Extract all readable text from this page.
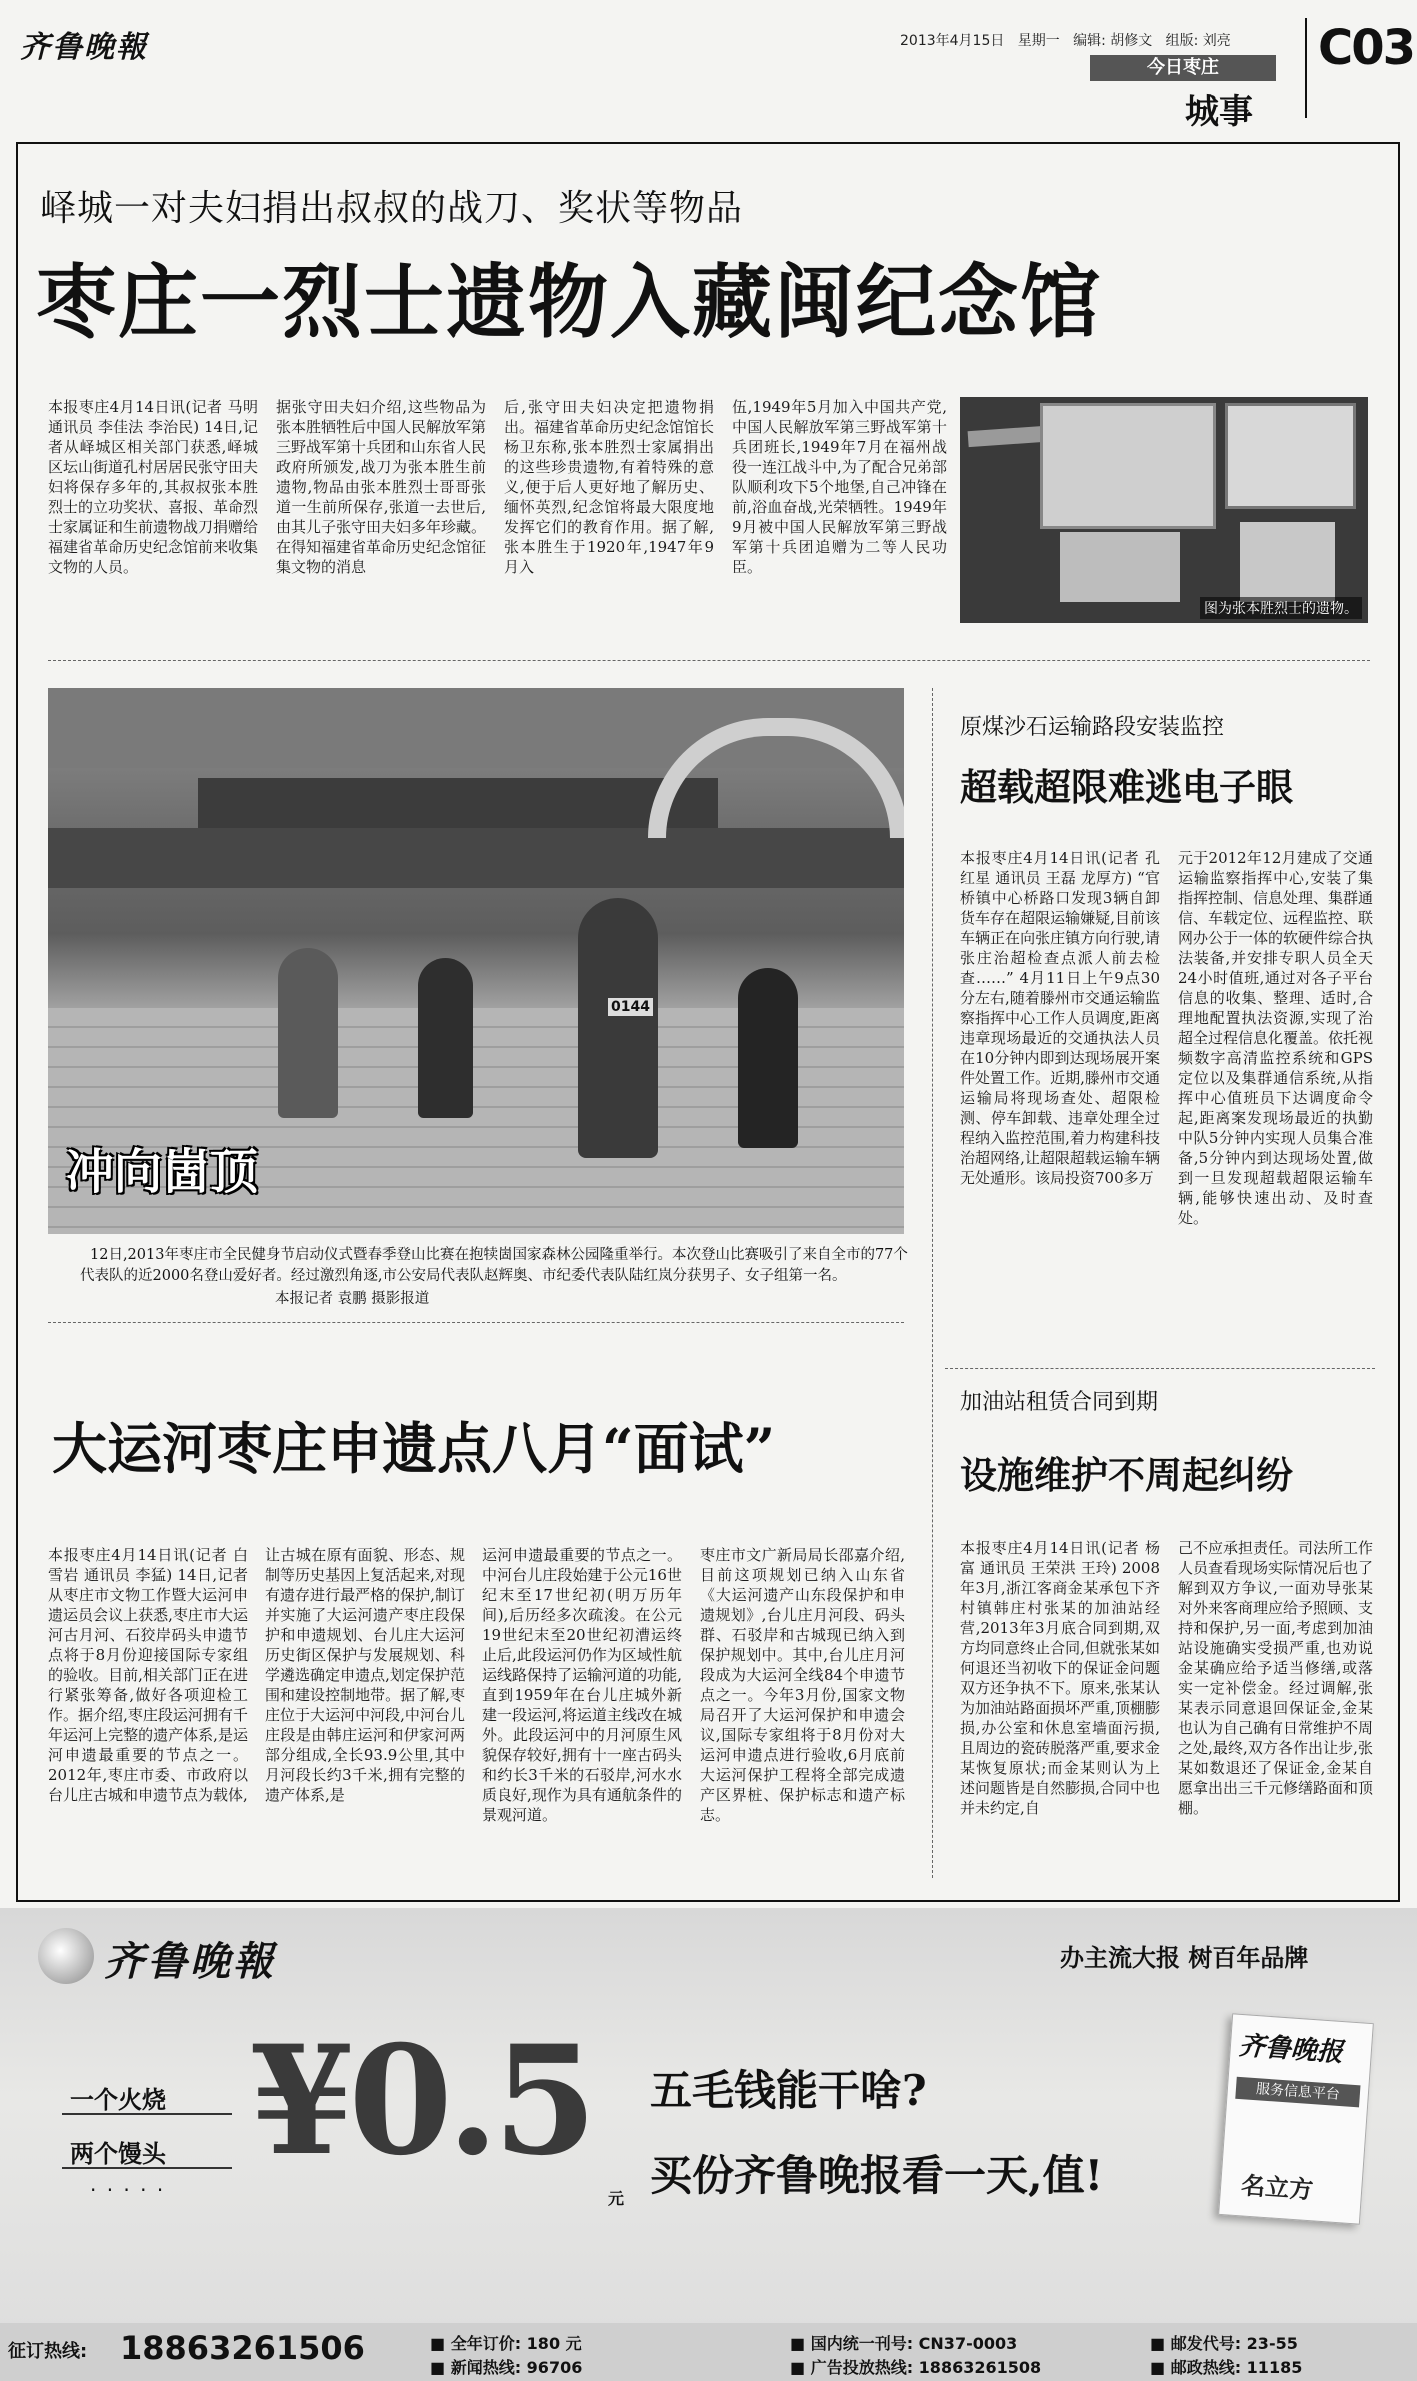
齐鲁晚報	2013年4月15日 星期一 编辑: 胡修文 组版: 刘亮 C03
今日枣庄
城事
峄城一对夫妇捐出叔叔的战刀、奖状等物品
枣庄一烈士遗物入藏闽纪念馆
本报枣庄4月14日讯(记者 马明 通讯员 李佳法 李治民) 14日,记者从峄城区相关部门获悉,峄城区坛山街道孔村居居民张守田夫妇将保存多年的,其叔叔张本胜烈士的立功奖状、喜报、革命烈士家属证和生前遗物战刀捐赠给福建省革命历史纪念馆前来收集文物的人员。
据张守田夫妇介绍,这些物品为张本胜牺牲后中国人民解放军第三野战军第十兵团和山东省人民政府所颁发,战刀为张本胜生前遗物,物品由张本胜烈士哥哥张道一生前所保存,张道一去世后,由其儿子张守田夫妇多年珍藏。在得知福建省革命历史纪念馆征集文物的消息
后,张守田夫妇决定把遗物捐出。福建省革命历史纪念馆馆长杨卫东称,张本胜烈士家属捐出的这些珍贵遗物,有着特殊的意义,便于后人更好地了解历史、缅怀英烈,纪念馆将最大限度地发挥它们的教育作用。据了解,张本胜生于1920年,1947年9月入
伍,1949年5月加入中国共产党,中国人民解放军第三野战军第十兵团班长,1949年7月在福州战役一连江战斗中,为了配合兄弟部队顺利攻下5个地堡,自己冲锋在前,浴血奋战,光荣牺牲。1949年9月被中国人民解放军第三野战军第十兵团追赠为二等人民功臣。
图为张本胜烈士的遗物。
0144
冲向崮顶
12日,2013年枣庄市全民健身节启动仪式暨春季登山比赛在抱犊崮国家森林公园隆重举行。本次登山比赛吸引了来自全市的77个代表队的近2000名登山爱好者。经过激烈角逐,市公安局代表队赵辉奥、市纪委代表队陆红岚分获男子、女子组第一名。
本报记者 袁鹏 摄影报道
大运河枣庄申遗点八月“面试”
本报枣庄4月14日讯(记者 白雪岩 通讯员 李猛) 14日,记者从枣庄市文物工作暨大运河申遗运员会议上获悉,枣庄市大运河古月河、石狡岸码头申遗节点将于8月份迎接国际专家组的验收。目前,相关部门正在进行紧张筹备,做好各项迎检工作。据介绍,枣庄段运河拥有千年运河上完整的遗产体系,是运河申遗最重要的节点之一。2012年,枣庄市委、市政府以台儿庄古城和申遗节点为载体,
让古城在原有面貌、形态、规制等历史基因上复活起来,对现有遗存进行最严格的保护,制订并实施了大运河遗产枣庄段保护和申遗规划、台儿庄大运河历史街区保护与发展规划、科学遴选确定申遗点,划定保护范围和建设控制地带。据了解,枣庄位于大运河中河段,中河台儿庄段是由韩庄运河和伊家河两部分组成,全长93.9公里,其中月河段长约3千米,拥有完整的遗产体系,是
运河申遗最重要的节点之一。中河台儿庄段始建于公元16世纪末至17世纪初(明万历年间),后历经多次疏浚。在公元19世纪末至20世纪初漕运终止后,此段运河仍作为区域性航运线路保持了运输河道的功能,直到1959年在台儿庄城外新建一段运河,将运道主线改在城外。此段运河中的月河原生风貌保存较好,拥有十一座古码头和约长3千米的石驳岸,河水水质良好,现作为具有通航条件的景观河道。
枣庄市文广新局局长邵嘉介绍,目前这项规划已纳入山东省《大运河遗产山东段保护和申遗规划》,台儿庄月河段、码头群、石驳岸和古城现已纳入到保护规划中。其中,台儿庄月河段成为大运河全线84个申遗节点之一。今年3月份,国家文物局召开了大运河保护和申遗会议,国际专家组将于8月份对大运河申遗点进行验收,6月底前大运河保护工程将全部完成遗产区界桩、保护标志和遗产标志。
原煤沙石运输路段安装监控
超载超限难逃电子眼
本报枣庄4月14日讯(记者 孔红星 通讯员 王磊 龙厚方) “官桥镇中心桥路口发现3辆自卸货车存在超限运输嫌疑,目前该车辆正在向张庄镇方向行驶,请张庄治超检查点派人前去检查……” 4月11日上午9点30分左右,随着滕州市交通运输监察指挥中心工作人员调度,距离违章现场最近的交通执法人员在10分钟内即到达现场展开案件处置工作。近期,滕州市交通运输局将现场查处、超限检测、停车卸载、违章处理全过程纳入监控范围,着力构建科技治超网络,让超限超载运输车辆无处遁形。该局投资700多万
元于2012年12月建成了交通运输监察指挥中心,安装了集指挥控制、信息处理、集群通信、车载定位、远程监控、联网办公于一体的软硬件综合执法装备,并安排专职人员全天24小时值班,通过对各子平台信息的收集、整理、适时,合理地配置执法资源,实现了治超全过程信息化覆盖。依托视频数字高清监控系统和GPS定位以及集群通信系统,从指挥中心值班员下达调度命令起,距离案发现场最近的执勤中队5分钟内实现人员集合准备,5分钟内到达现场处置,做到一旦发现超载超限运输车辆,能够快速出动、及时查处。
加油站租赁合同到期
设施维护不周起纠纷
本报枣庄4月14日讯(记者 杨富 通讯员 王荣洪 王玲) 2008年3月,浙江客商金某承包下齐村镇韩庄村张某的加油站经营,2013年3月底合同到期,双方均同意终止合同,但就张某如何退还当初收下的保证金问题双方还争执不下。原来,张某认为加油站路面损坏严重,顶棚膨损,办公室和休息室墙面污损,且周边的瓷砖脱落严重,要求金某恢复原状;而金某则认为上述问题皆是自然膨损,合同中也并未约定,自
己不应承担责任。司法所工作人员查看现场实际情况后也了解到双方争议,一面劝导张某对外来客商理应给予照顾、支持和保护,另一面,考虑到加油站设施确实受损严重,也劝说金某确应给予适当修缮,或落实一定补偿金。经过调解,张某表示同意退回保证金,金某也认为自己确有日常维护不周之处,最终,双方各作出让步,张某如数退还了保证金,金某自愿拿出出三千元修缮路面和顶棚。
齐鲁晚報	办主流大报 树百年品牌
一个火烧
两个馒头
· · · · ·
¥0.5
元
五毛钱能干啥?
买份齐鲁晚报看一天,值!
齐鲁晚报
服务信息平台
名立方
征订热线: 18863261506	■ 全年订价: 180 元
■ 新闻热线: 96706
■ 国内统一刊号: CN37-0003
■ 广告投放热线: 18863261508
■ 邮发代号: 23-55
■ 邮政热线: 11185
